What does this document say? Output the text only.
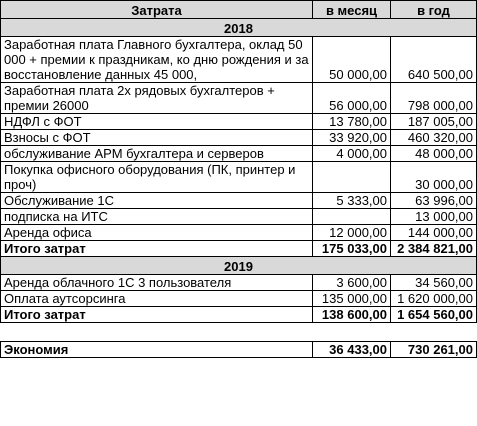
Затрата	в месяц	в год
2018		
Заработная плата Главного бухгалтера, оклад 50 000 + премии к праздникам, ко дню рождения и за восстановление данных 45 000,	50 000,00	640 500,00
Заработная плата 2х рядовых бухгалтеров + премии 26000	56 000,00	798 000,00
НДФЛ с ФОТ	13 780,00	187 005,00
Взносы с ФОТ	33 920,00	460 320,00
обслуживание АРМ бухгалтера и серверов	4 000,00	48 000,00
Покупка офисного оборудования (ПК, принтер и проч)		30 000,00
Обслуживание 1С	5 333,00	63 996,00
подписка на ИТС		13 000,00
Аренда офиса	12 000,00	144 000,00
Итого затрат	175 033,00	2 384 821,00
2019		
Аренда облачного 1С 3 пользователя	3 600,00	34 560,00
Оплата аутсорсинга	135 000,00	1 620 000,00
Итого затрат	138 600,00	1 654 560,00

Экономия	36 433,00	730 261,00
